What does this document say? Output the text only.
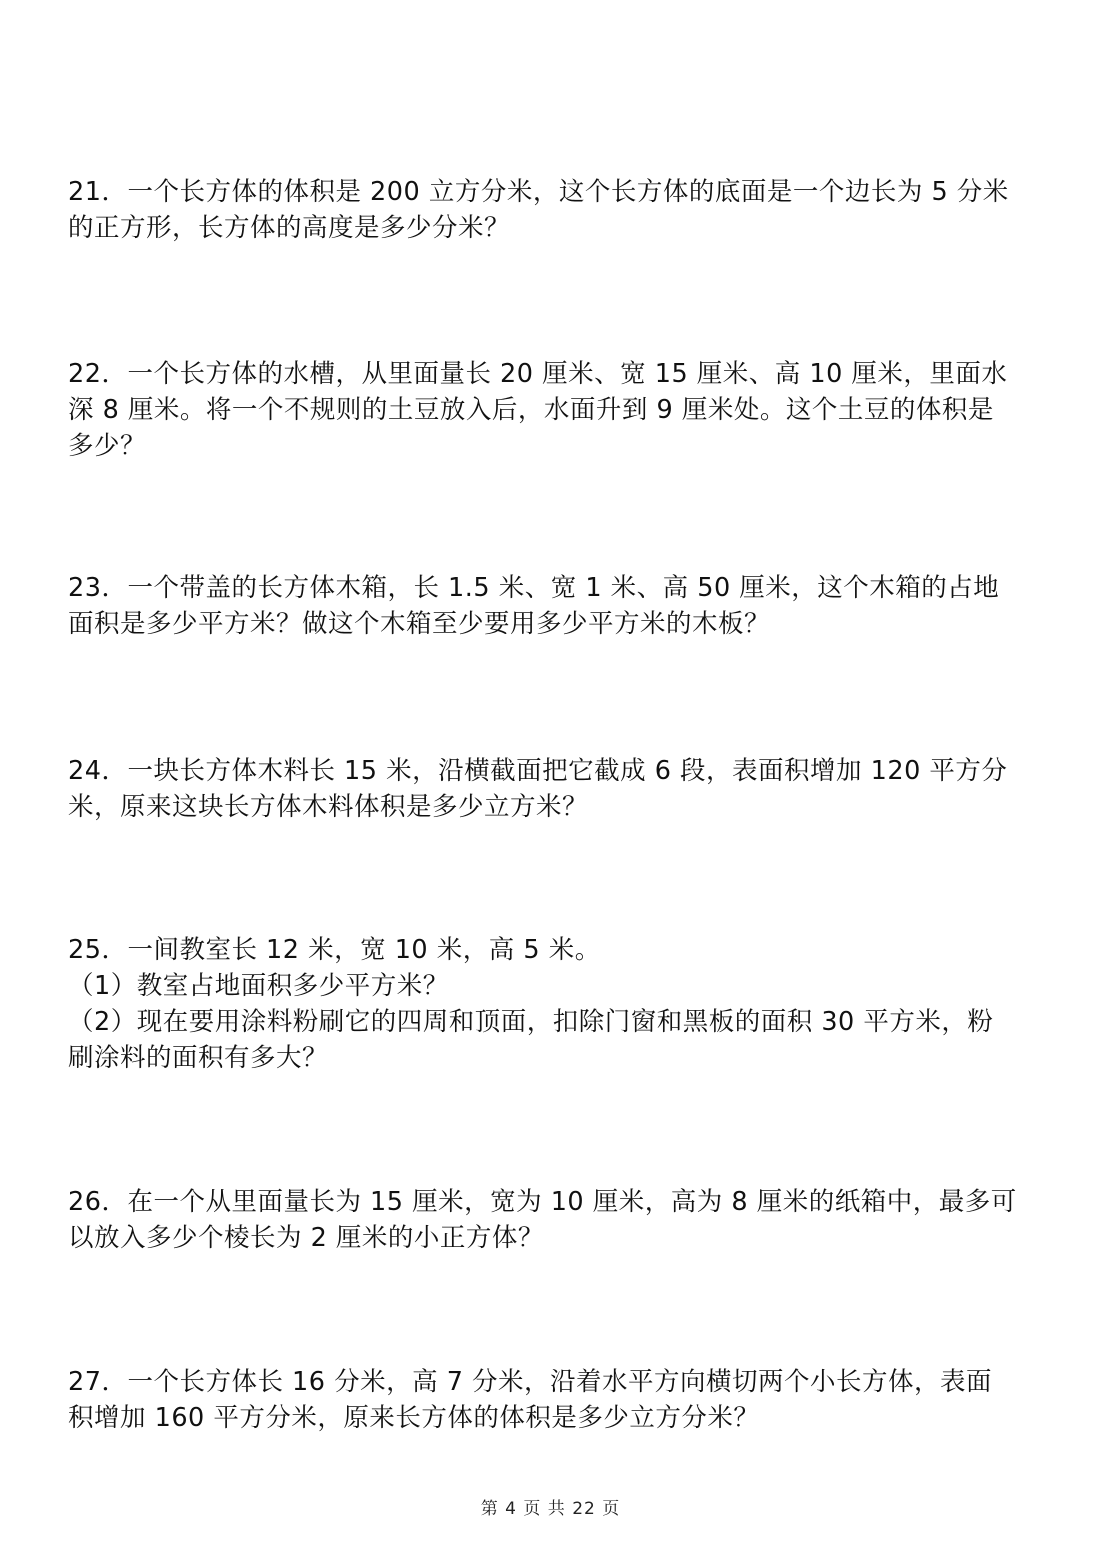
21．一个长方体的体积是 200 立方分米，这个长方体的底面是一个边长为 5 分米
的正方形，长方体的高度是多少分米？
22．一个长方体的水槽，从里面量长 20 厘米、宽 15 厘米、高 10 厘米，里面水
深 8 厘米。将一个不规则的土豆放入后，水面升到 9 厘米处。这个土豆的体积是
多少？
23．一个带盖的长方体木箱，长 1.5 米、宽 1 米、高 50 厘米，这个木箱的占地
面积是多少平方米？做这个木箱至少要用多少平方米的木板？
24．一块长方体木料长 15 米，沿横截面把它截成 6 段，表面积增加 120 平方分
米，原来这块长方体木料体积是多少立方米？
25．一间教室长 12 米，宽 10 米，高 5 米。
（1）教室占地面积多少平方米？
（2）现在要用涂料粉刷它的四周和顶面，扣除门窗和黑板的面积 30 平方米，粉
刷涂料的面积有多大？
26．在一个从里面量长为 15 厘米，宽为 10 厘米，高为 8 厘米的纸箱中，最多可
以放入多少个棱长为 2 厘米的小正方体？
27．一个长方体长 16 分米，高 7 分米，沿着水平方向横切两个小长方体，表面
积增加 160 平方分米，原来长方体的体积是多少立方分米？
第 4 页 共 22 页
